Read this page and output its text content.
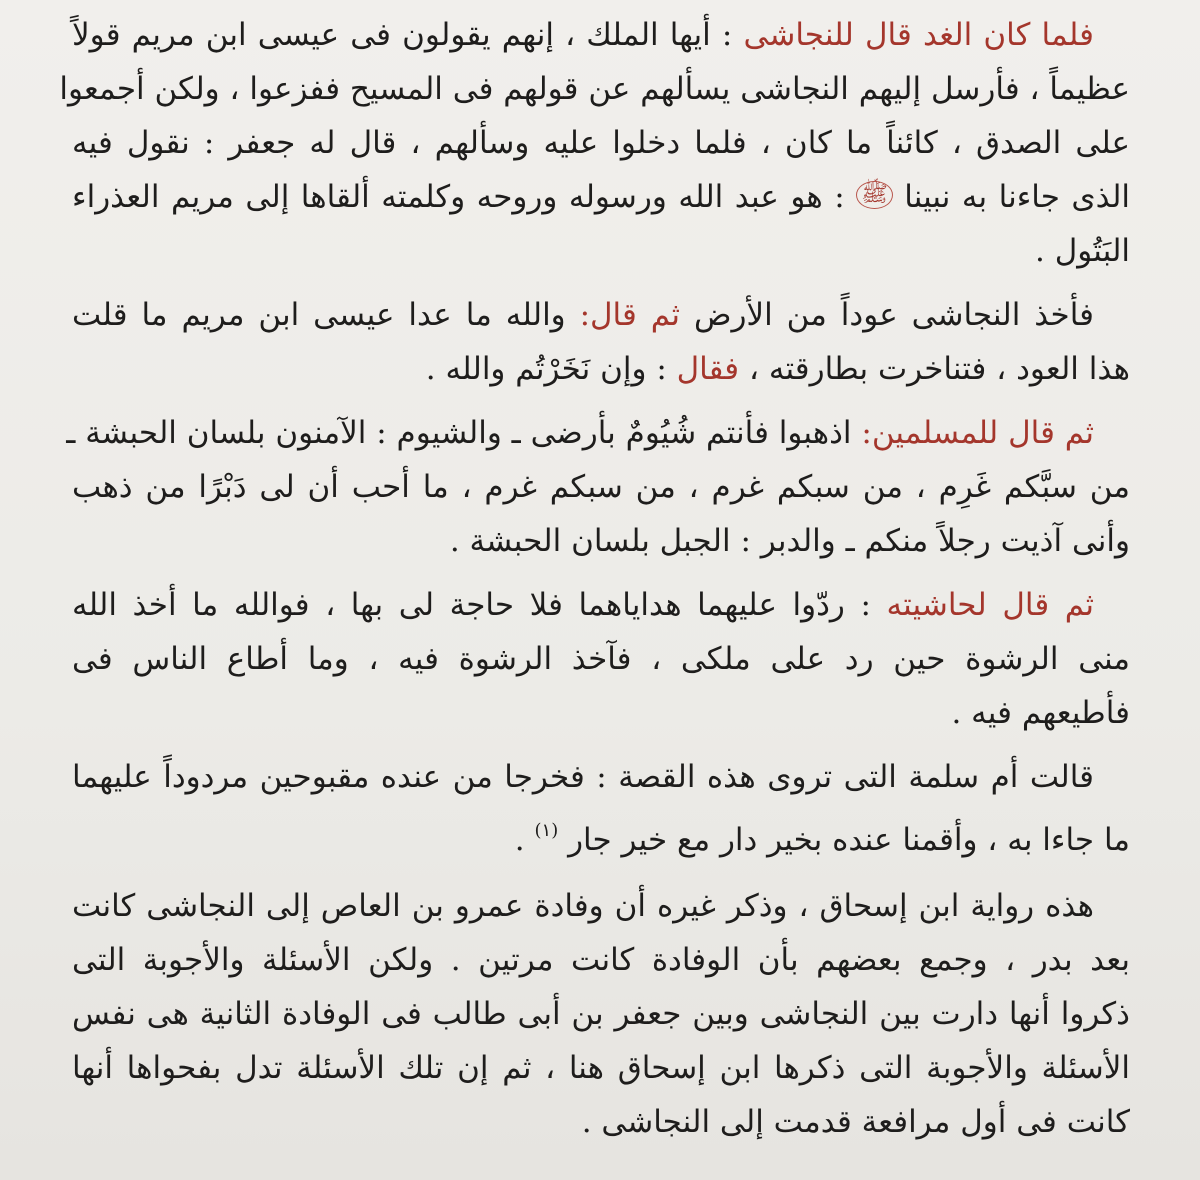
فلما كان الغد قال للنجاشى : أيها الملك ، إنهم يقولون فى عيسى ابن مريم قولاً
عظيماً ، فأرسل إليهم النجاشى يسألهم عن قولهم فى المسيح ففزعوا ، ولكن أجمعوا
على الصدق ، كائناً ما كان ، فلما دخلوا عليه وسألهم ، قال له جعفر : نقول فيه
الذى جاءنا به نبينا ﷺ : هو عبد الله ورسوله وروحه وكلمته ألقاها إلى مريم العذراء
البَتُول .

فأخذ النجاشى عوداً من الأرض ثم قال: والله ما عدا عيسى ابن مريم ما قلت
هذا العود ، فتناخرت بطارقته ، فقال : وإن نَخَرْتُم والله .

ثم قال للمسلمين: اذهبوا فأنتم شُيُومٌ بأرضى ـ والشيوم : الآمنون بلسان الحبشة ـ
من سبَّكم غَرِم ، من سبكم غرم ، من سبكم غرم ، ما أحب أن لى دَبْرًا من ذهب
وأنى آذيت رجلاً منكم ـ والدبر : الجبل بلسان الحبشة .

ثم قال لحاشيته : ردّوا عليهما هداياهما فلا حاجة لى بها ، فوالله ما أخذ الله
منى الرشوة حين رد على ملكى ، فآخذ الرشوة فيه ، وما أطاع الناس فى
فأطيعهم فيه .

قالت أم سلمة التى تروى هذه القصة : فخرجا من عنده مقبوحين مردوداً عليهما
ما جاءا به ، وأقمنا عنده بخير دار مع خير جار $^{(١)}$ .

هذه رواية ابن إسحاق ، وذكر غيره أن وفادة عمرو بن العاص إلى النجاشى كانت
بعد بدر ، وجمع بعضهم بأن الوفادة كانت مرتين . ولكن الأسئلة والأجوبة التى
ذكروا أنها دارت بين النجاشى وبين جعفر بن أبى طالب فى الوفادة الثانية هى نفس
الأسئلة والأجوبة التى ذكرها ابن إسحاق هنا ، ثم إن تلك الأسئلة تدل بفحواها أنها
كانت فى أول مرافعة قدمت إلى النجاشى .
